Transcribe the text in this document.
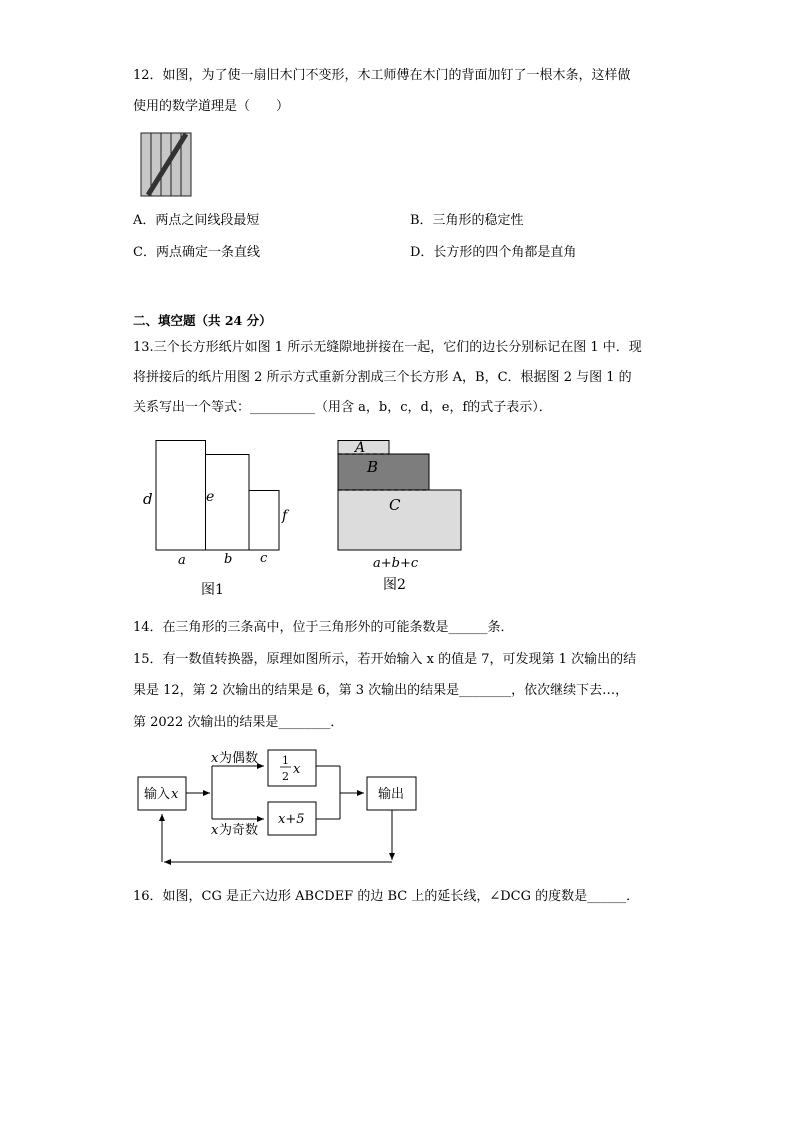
12．如图，为了使一扇旧木门不变形，木工师傅在木门的背面加钉了一根木条，这样做
使用的数学道理是（　　）
A．两点之间线段最短	B．三角形的稳定性
C．两点确定一条直线	D．长方形的四个角都是直角
二、填空题（共 24 分）
13.三个长方形纸片如图 1 所示无缝隙地拼接在一起，它们的边长分别标记在图 1 中．现
将拼接后的纸片用图 2 所示方式重新分割成三个长方形 A，B，C．根据图 2 与图 1 的
关系写出一个等式：__________（用含 a，b，c，d，e，f的式子表示）．
d	e
f
a	b c
图1
A
B
C
a+b+c
图2
14．在三角形的三条高中，位于三角形外的可能条数是______条．
15．有一数值转换器，原理如图所示，若开始输入 x 的值是 7，可发现第 1 次输出的结
果是 12，第 2 次输出的结果是 6，第 3 次输出的结果是________，依次继续下去…，
第 2022 次输出的结果是________．
输入 x
x 为偶数
x 为奇数
1
2 x
x+5
输出
16．如图，CG 是正六边形 ABCDEF 的边 BC 上的延长线，∠DCG 的度数是______．
